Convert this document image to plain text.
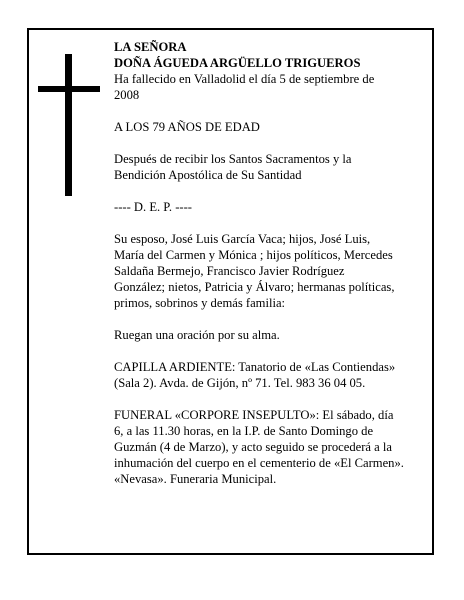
LA SEÑORA
DOÑA ÁGUEDA ARGÜELLO TRIGUEROS
Ha fallecido en Valladolid el día 5 de septiembre de
2008

A LOS 79 AÑOS DE EDAD

Después de recibir los Santos Sacramentos y la
Bendición Apostólica de Su Santidad

---- D. E. P. ----

Su esposo, José Luis García Vaca; hijos, José Luis,
María del Carmen y Mónica ; hijos políticos, Mercedes
Saldaña Bermejo, Francisco Javier Rodríguez
González; nietos, Patricia y Álvaro; hermanas políticas,
primos, sobrinos y demás familia:

Ruegan una oración por su alma.

CAPILLA ARDIENTE: Tanatorio de «Las Contiendas»
(Sala 2). Avda. de Gijón, nº 71. Tel. 983 36 04 05.

FUNERAL «CORPORE INSEPULTO»: El sábado, día
6, a las 11.30 horas, en la I.P. de Santo Domingo de
Guzmán (4 de Marzo), y acto seguido se procederá a la
inhumación del cuerpo en el cementerio de «El Carmen».
«Nevasa». Funeraria Municipal.
